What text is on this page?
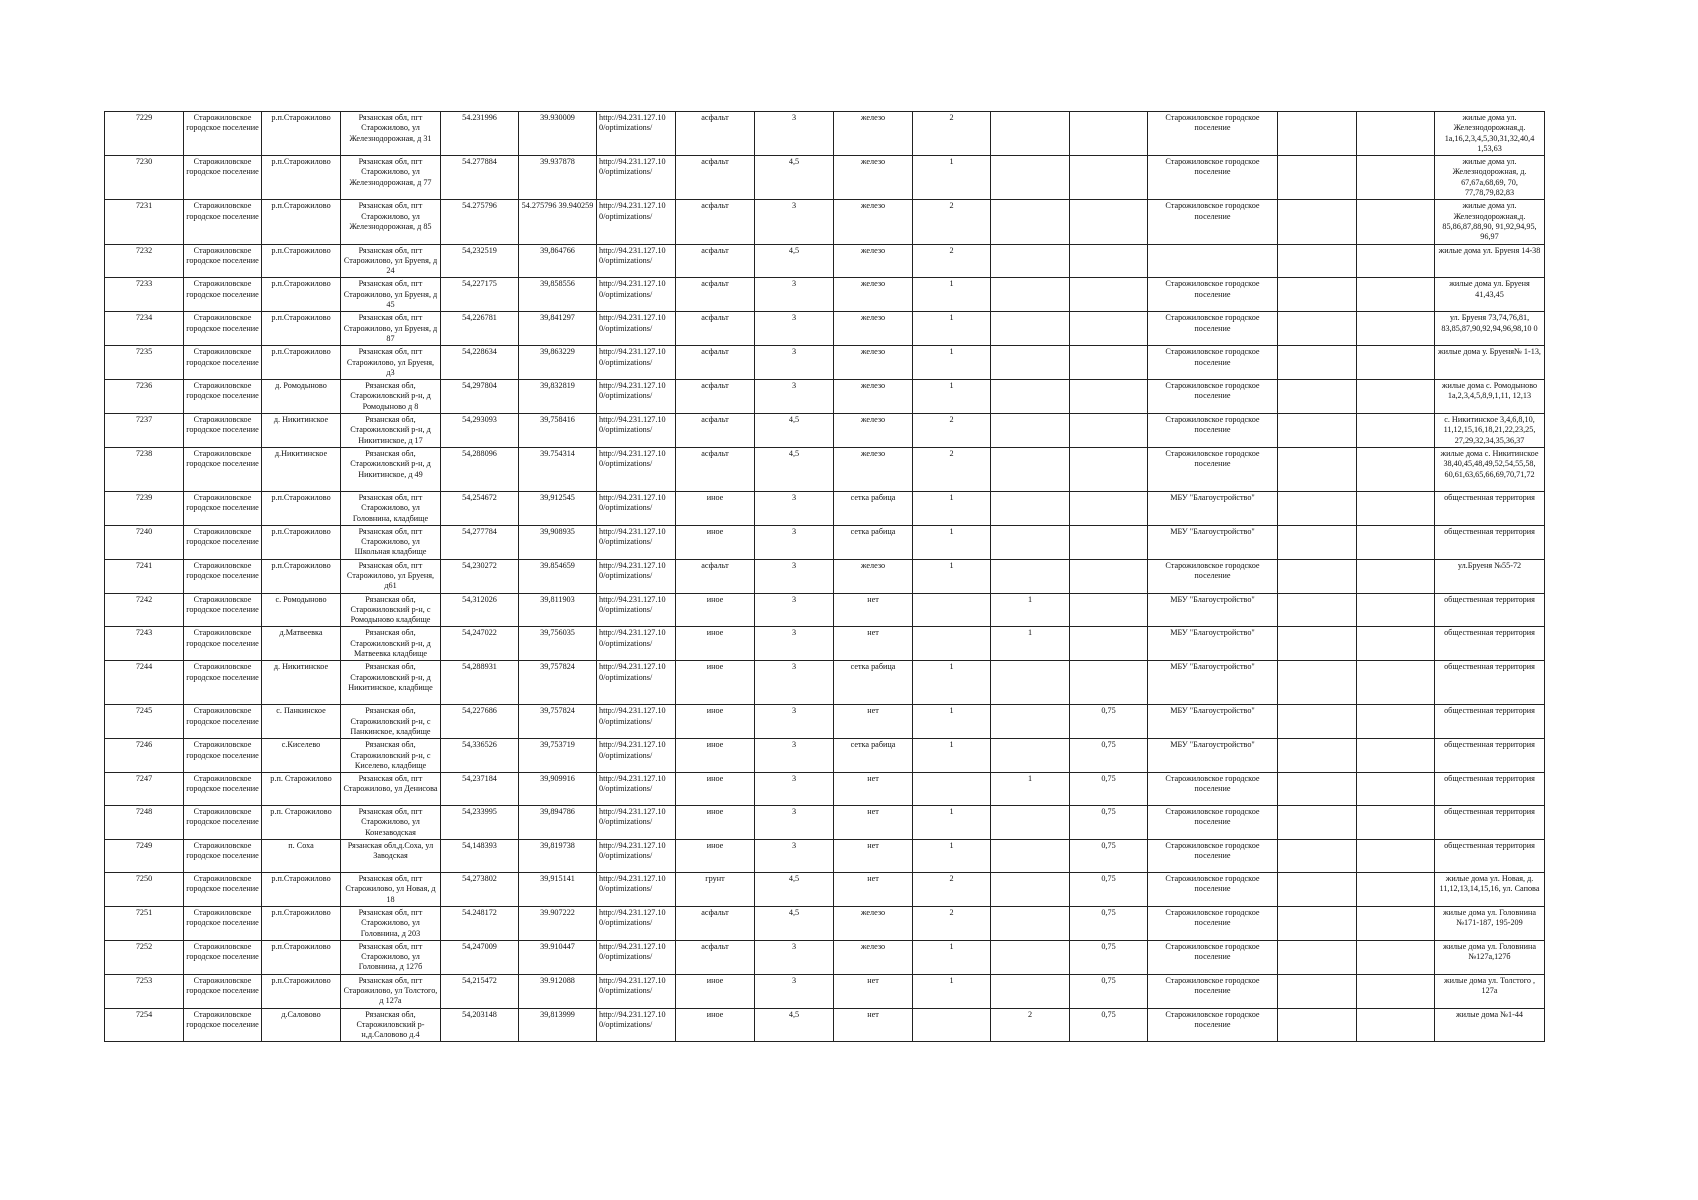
7229	Старожиловское городское поселение	р.п.Старожилово	Рязанская обл, пгт Старожилово, ул Железнодорожная, д 31	54.231996	39.930009	http://94.231.127.10 0/optimizations/	асфальт	3	железо	2			Старожиловское городское поселение			жилые дома ул. Железнодорожная,д. 1а,16,2,3,4,5,30,31,32,40,4 1,53,63
7230	Старожиловское городское поселение	р.п.Старожилово	Рязанская обл, пгт Старожилово, ул Железнодорожная, д 77	54.277884	39.937878	http://94.231.127.10 0/optimizations/	асфальт	4,5	железо	1			Старожиловское городское поселение			жилые дома ул. Железнодорожная, д. 67,67а,68,69, 70, 77,78,79,82,83
7231	Старожиловское городское поселение	р.п.Старожилово	Рязанская обл, пгт Старожилово, ул Железнодорожная, д 85	54.275796	54.275796 39.940259	http://94.231.127.10 0/optimizations/	асфальт	3	железо	2			Старожиловское городское поселение			жилые дома ул. Железнодорожная,д. 85,86,87,88,90, 91,92,94,95, 96,97
7232	Старожиловское городское поселение	р.п.Старожилово	Рязанская обл, пгт Старожилово, ул Бруenя, д 24	54,232519	39,864766	http://94.231.127.10 0/optimizations/	асфальт	4,5	железо	2						жилые дома ул. Бруеня 14-38
7233	Старожиловское городское поселение	р.п.Старожилово	Рязанская обл, пгт Старожилово, ул Бруеня, д 45	54,227175	39,858556	http://94.231.127.10 0/optimizations/	асфальт	3	железо	1			Старожиловское городское поселение			жилые дома ул. Бруеня 41,43,45
7234	Старожиловское городское поселение	р.п.Старожилово	Рязанская обл, пгт Старожилово, ул Бруеня, д 87	54,226781	39,841297	http://94.231.127.10 0/optimizations/	асфальт	3	железо	1			Старожиловское городское поселение			ул. Бруеня 73,74,76,81, 83,85,87,90,92,94,96,98,10 0
7235	Старожиловское городское поселение	р.п.Старожилово	Рязанская обл, пгт Старожилово, ул Бруеня, д3	54,228634	39,863229	http://94.231.127.10 0/optimizations/	асфальт	3	железо	1			Старожиловское городское поселение			жилые дома у. Бруеня№ 1-13,
7236	Старожиловское городское поселение	д. Ромодыново	Рязанская обл, Старожиловский р-н, д Ромодыново д 8	54,297804	39,832819	http://94.231.127.10 0/optimizations/	асфальт	3	железо	1			Старожиловское городское поселение			жилые дома с. Ромодыново 1а,2,3,4,5,8,9,1,11, 12,13
7237	Старожиловское городское поселение	д. Никитинское	Рязанская обл, Старожиловский р-н, д Никитинское, д 17	54,293093	39,758416	http://94.231.127.10 0/optimizations/	асфальт	4,5	железо	2			Старожиловское городское поселение			с. Никитинское 3,4,6,8,10, 11,12,15,16,18,21,22,23,25, 27,29,32,34,35,36,37
7238	Старожиловское городское поселение	д.Никитинское	Рязанская обл, Старожиловский р-н, д Никитинское, д 49	54,288096	39.754314	http://94.231.127.10 0/optimizations/	асфальт	4,5	железо	2			Старожиловское городское поселение			жилые дома с. Никитинское 38,40,45,48,49,52,54,55,58, 60,61,63,65,66,69,70,71,72
7239	Старожиловское городское поселение	р.п.Старожилово	Рязанская обл, пгт Старожилово, ул Головнина, кладбище	54,254672	39,912545	http://94.231.127.10 0/optimizations/	иное	3	сетка рабица	1			МБУ "Благоустройство"			общественная территория
7240	Старожиловское городское поселение	р.п.Старожилово	Рязанская обл, пгт Старожилово, ул Школьная кладбище	54,277784	39,908935	http://94.231.127.10 0/optimizations/	иное	3	сетка рабица	1			МБУ "Благоустройство"			общественная территория
7241	Старожиловское городское поселение	р.п.Старожилово	Рязанская обл, пгт Старожилово, ул Бруеня, д61	54,230272	39.854659	http://94.231.127.10 0/optimizations/	асфальт	3	железо	1			Старожиловское городское поселение			ул.Бруеня №55-72
7242	Старожиловское городское поселение	с. Ромодыново	Рязанская обл, Старожиловский р-н, с Ромодыново кладбище	54,312026	39,811903	http://94.231.127.10 0/optimizations/	иное	3	нет		1		МБУ "Благоустройство"			общественная территория
7243	Старожиловское городское поселение	д.Матвеевка	Рязанская обл, Старожиловский р-н, д Матвеевка кладбище	54,247022	39,756035	http://94.231.127.10 0/optimizations/	иное	3	нет		1		МБУ "Благоустройство"			общественная территория
7244	Старожиловское городское поселение	д. Никитинское	Рязанская обл, Старожиловский р-н, д Никитинское, кладбище	54,288931	39,757824	http://94.231.127.10 0/optimizations/	иное	3	сетка рабица	1			МБУ "Благоустройство"			общественная территория
7245	Старожиловское городское поселение	с. Панкинское	Рязанская обл, Старожиловский р-н, с Панкинское, кладбище	54,227686	39,757824	http://94.231.127.10 0/optimizations/	иное	3	нет	1		0,75	МБУ "Благоустройство"			общественная территория
7246	Старожиловское городское поселение	с.Киселево	Рязанская обл, Старожиловский р-н, с Киселево, кладбище	54,336526	39,753719	http://94.231.127.10 0/optimizations/	иное	3	сетка рабица	1		0,75	МБУ "Благоустройство"			общественная территория
7247	Старожиловское городское поселение	р.п. Старожилово	Рязанская обл, пгт Старожилово, ул Денисова	54,237184	39,909916	http://94.231.127.10 0/optimizations/	иное	3	нет		1	0,75	Старожиловское городское поселение			общественная территория
7248	Старожиловское городское поселение	р.п. Старожилово	Рязанская обл, пгт Старожилово, ул Конезаводская	54,233995	39,894786	http://94.231.127.10 0/optimizations/	иное	3	нет	1		0,75	Старожиловское городское поселение			общественная территория
7249	Старожиловское городское поселение	п. Соха	Рязанская обл,д.Соха, ул Заводская	54,148393	39,819738	http://94.231.127.10 0/optimizations/	иное	3	нет	1		0,75	Старожиловское городское поселение			общественная территория
7250	Старожиловское городское поселение	р.п.Старожилово	Рязанская обл, пгт Старожилово, ул Новая, д 18	54,273802	39,915141	http://94.231.127.10 0/optimizations/	грунт	4,5	нет	2		0,75	Старожиловское городское поселение			жилые дома ул. Новая, д. 11,12,13,14,15,16, ул. Сапова
7251	Старожиловское городское поселение	р.п.Старожилово	Рязанская обл, пгт Старожилово, ул Головнина, д 203	54.248172	39.907222	http://94.231.127.10 0/optimizations/	асфальт	4,5	железо	2		0,75	Старожиловское городское поселение			жилые дома ул. Головнина №171-187, 195-209
7252	Старожиловское городское поселение	р.п.Старожилово	Рязанская обл, пгт Старожилово, ул Головнина, д 127б	54,247009	39.910447	http://94.231.127.10 0/optimizations/	асфальт	3	железо	1		0,75	Старожиловское городское поселение			жилые дома ул. Головнина №127а,127б
7253	Старожиловское городское поселение	р.п.Старожилово	Рязанская обл, пгт Старожилово, ул Толстого, д 127а	54,215472	39.912088	http://94.231.127.10 0/optimizations/	иное	3	нет	1		0,75	Старожиловское городское поселение			жилые дома ул. Толстого , 127а
7254	Старожиловское городское поселение	д.Саловово	Рязанская обл, Старожиловский р-н,д.Саловово д.4	54,203148	39,813999	http://94.231.127.10 0/optimizations/	иное	4,5	нет		2	0,75	Старожиловское городское поселение			жилые дома №1-44
